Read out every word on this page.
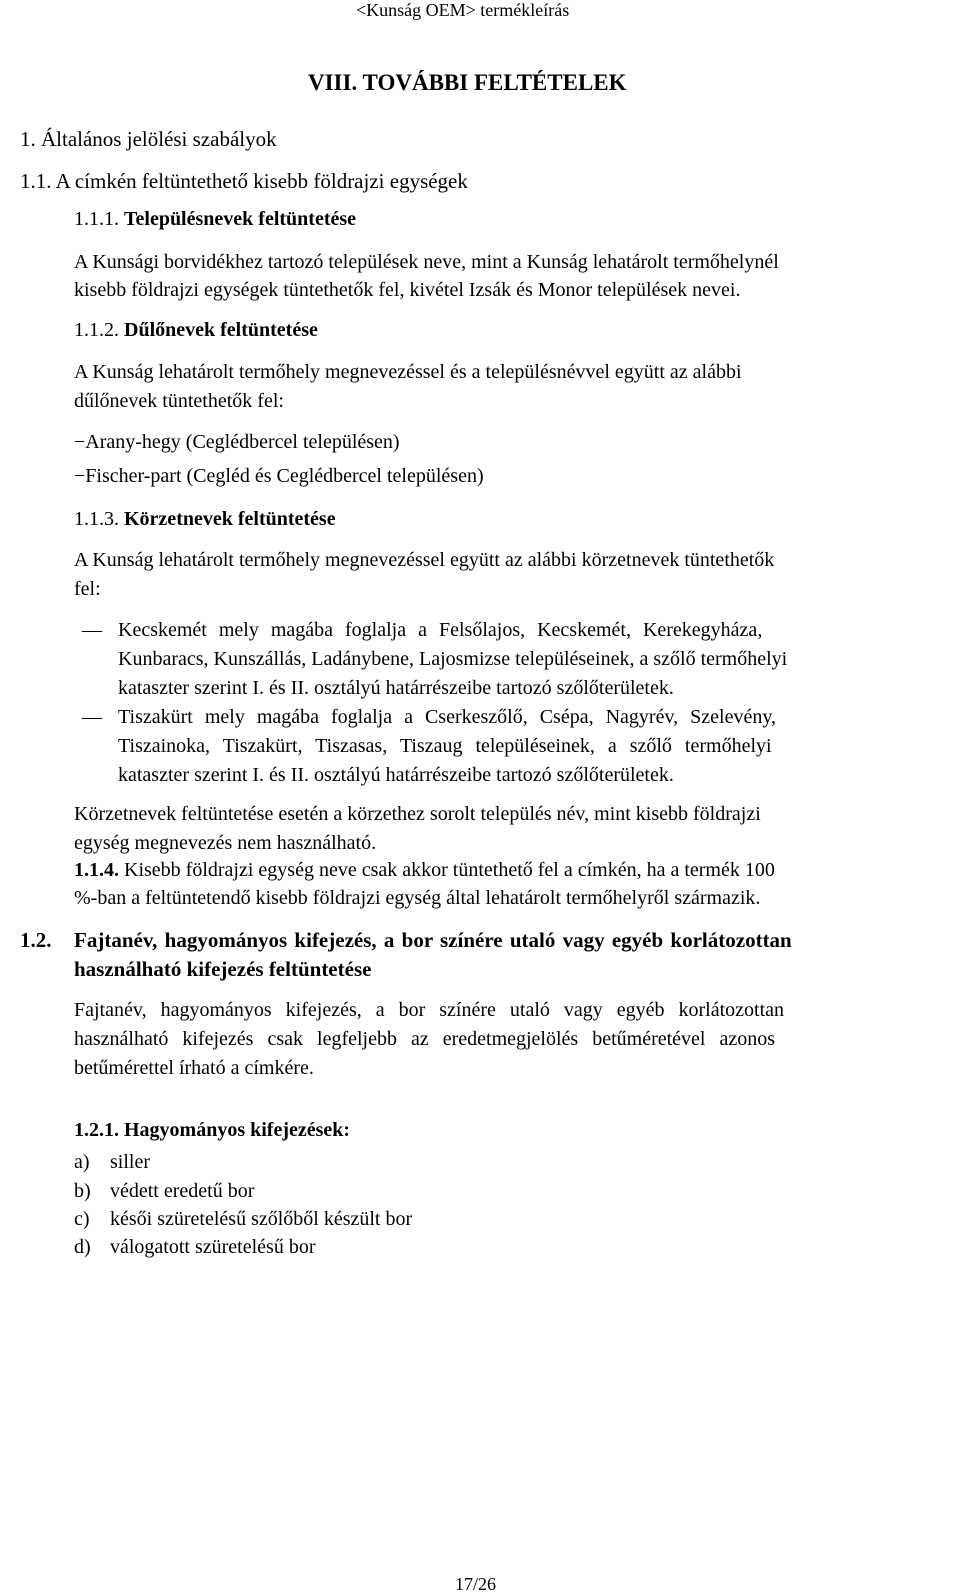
<Kunság OEM> termékleírás
VIII. TOVÁBBI FELTÉTELEK
1. Általános jelölési szabályok
1.1. A címkén feltüntethető kisebb földrajzi egységek
1.1.1. Településnevek feltüntetése
A Kunsági borvidékhez tartozó települések neve, mint a Kunság lehatárolt termőhelynél
kisebb földrajzi egységek tüntethetők fel, kivétel Izsák és Monor települések nevei.
1.1.2. Dűlőnevek feltüntetése
A Kunság lehatárolt termőhely megnevezéssel és a településnévvel együtt az alábbi
dűlőnevek tüntethetők fel:
−Arany-hegy (Ceglédbercel településen)
−Fischer-part (Cegléd és Ceglédbercel településen)
1.1.3. Körzetnevek feltüntetése
A Kunság lehatárolt termőhely megnevezéssel együtt az alábbi körzetnevek tüntethetők
fel:
— Kecskemét mely magába foglalja a Felsőlajos, Kecskemét, Kerekegyháza,
Kunbaracs, Kunszállás, Ladánybene, Lajosmizse településeinek, a szőlő termőhelyi
kataszter szerint I. és II. osztályú határrészeibe tartozó szőlőterületek.
— Tiszakürt mely magába foglalja a Cserkeszőlő, Csépa, Nagyrév, Szelevény,
Tiszainoka, Tiszakürt, Tiszasas, Tiszaug településeinek, a szőlő termőhelyi
kataszter szerint I. és II. osztályú határrészeibe tartozó szőlőterületek.
Körzetnevek feltüntetése esetén a körzethez sorolt település név, mint kisebb földrajzi
egység megnevezés nem használható.
1.1.4. Kisebb földrajzi egység neve csak akkor tüntethető fel a címkén, ha a termék 100
%-ban a feltüntetendő kisebb földrajzi egység által lehatárolt termőhelyről származik.
1.2. Fajtanév, hagyományos kifejezés, a bor színére utaló vagy egyéb korlátozottan
használható kifejezés feltüntetése
Fajtanév, hagyományos kifejezés, a bor színére utaló vagy egyéb korlátozottan
használható kifejezés csak legfeljebb az eredetmegjelölés betűméretével azonos
betűmérettel írható a címkére.
1.2.1. Hagyományos kifejezések:
a) siller
b) védett eredetű bor
c) késői szüretelésű szőlőből készült bor
d) válogatott szüretelésű bor
17/26
